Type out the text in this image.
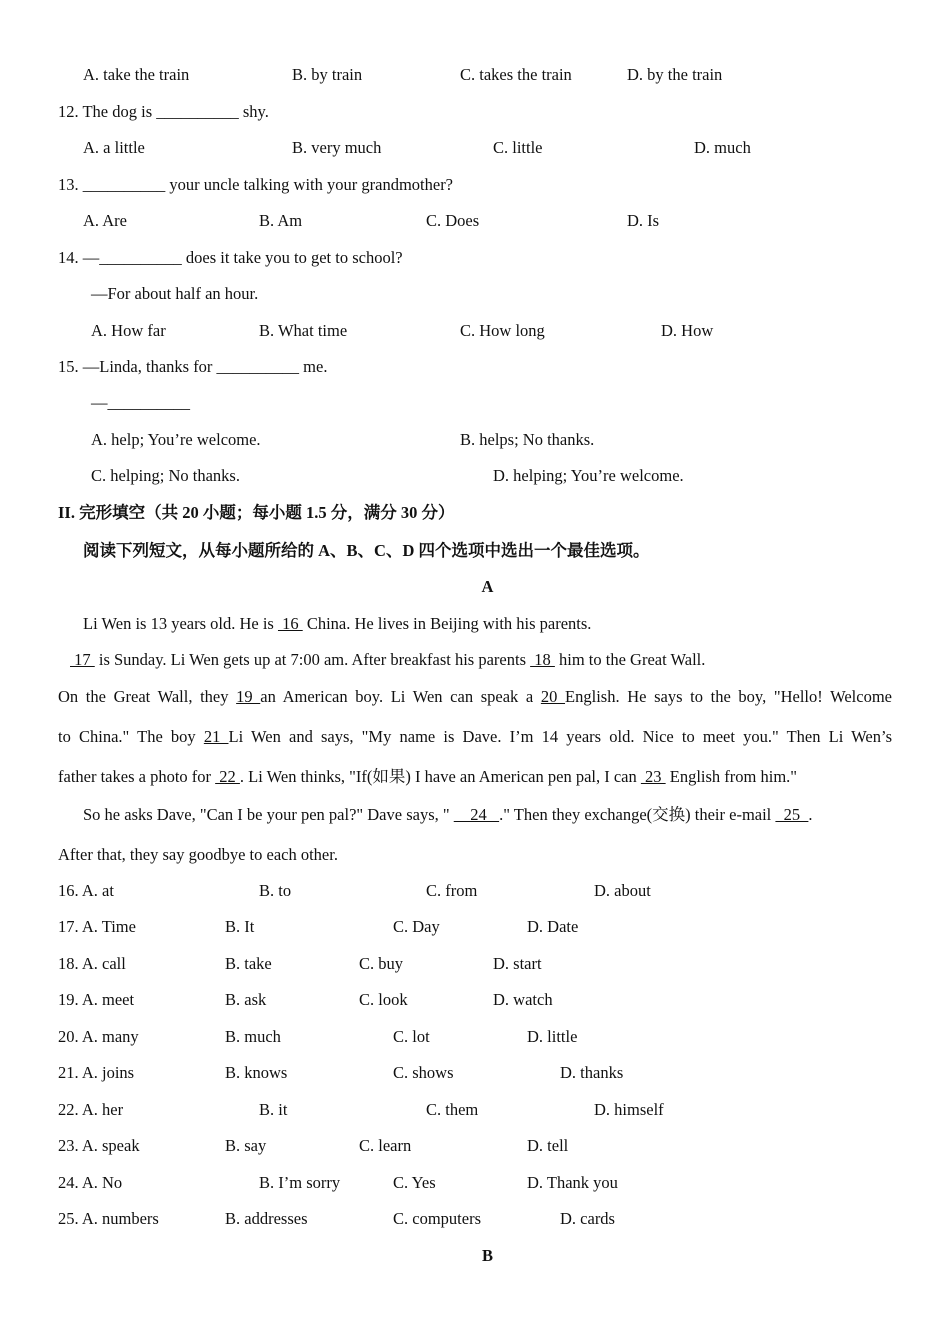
A. take the train	B. by train	C. takes the train	D. by the train
12. The dog is __________ shy.
A. a little	B. very much	C. little	D. much
13. __________ your uncle talking with your grandmother?
A. Are	B. Am	C. Does	D. Is
14. —__________ does it take you to get to school?
—For about half an hour.
A. How far	B. What time	C. How long	D. How
15. —Linda, thanks for __________ me.
—__________
A. help; You’re welcome.	B. helps; No thanks.
C. helping; No thanks.	D. helping; You’re welcome.
II. 完形填空（共 20 小题；每小题 1.5 分，满分 30 分）
阅读下列短文，从每小题所给的 A、B、C、D 四个选项中选出一个最佳选项。
A
Li Wen is 13 years old. He is  16  China. He lives in Beijing with his parents.
17  is Sunday. Li Wen gets up at 7:00 am. After breakfast his parents  18  him to the Great Wall.
On the Great Wall, they 19 an American boy. Li Wen can speak a 20 English. He says to the boy, "Hello! Welcome
to China." The boy 21 Li Wen and says, "My name is Dave. I’m 14 years old. Nice to meet you." Then Li Wen’s
father takes a photo for  22 . Li Wen thinks, "If(如果) I have an American pen pal, I can  23  English from him."
So he asks Dave, "Can I be your pen pal?" Dave says, "     24   ." Then they exchange(交换) their e-mail   25  .
After that, they say goodbye to each other.
16. A. at	B. to	C. from	D. about
17. A. Time	B. It	C. Day	D. Date
18. A. call	B. take	C. buy	D. start
19. A. meet	B. ask	C. look	D. watch
20. A. many	B. much	C. lot	D. little
21. A. joins	B. knows	C. shows	D. thanks
22. A. her	B. it	C. them	D. himself
23. A. speak	B. say	C. learn	D. tell
24. A. No	B. I’m sorry	C. Yes	D. Thank you
25. A. numbers	B. addresses	C. computers	D. cards
B
